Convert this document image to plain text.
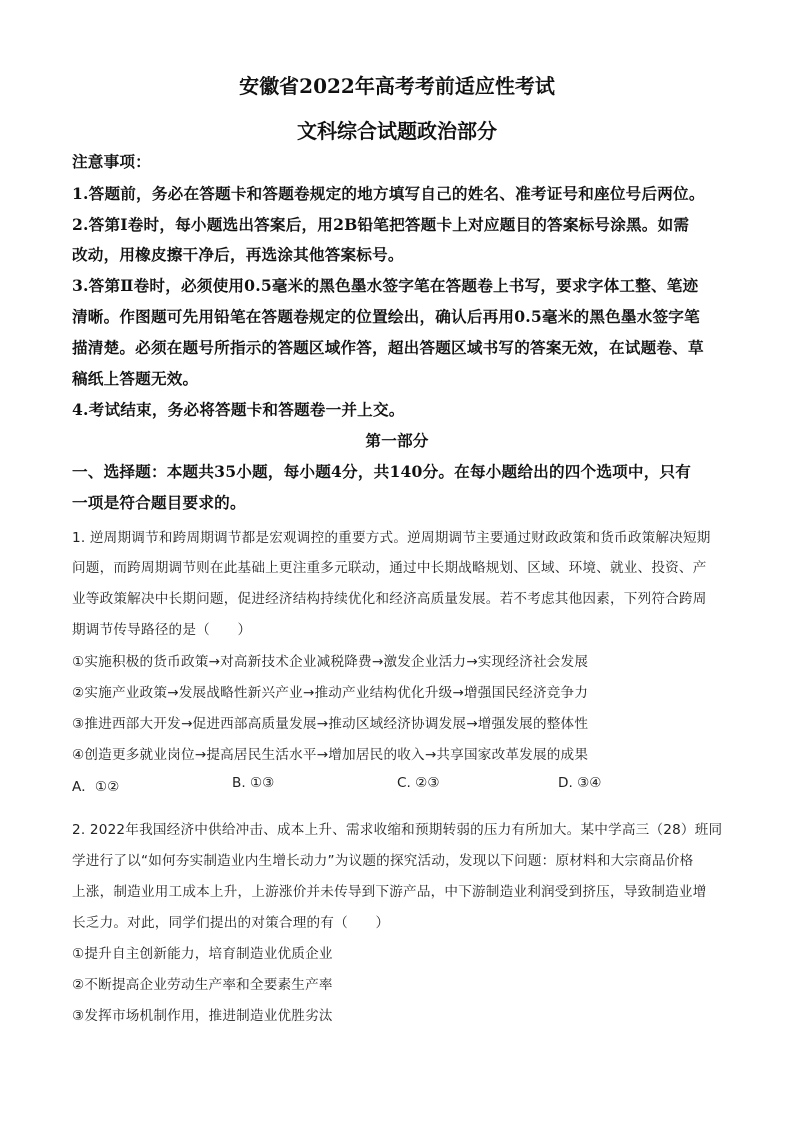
安徽省2022年高考考前适应性考试
文科综合试题政治部分
注意事项：
1.答题前，务必在答题卡和答题卷规定的地方填写自己的姓名、准考证号和座位号后两位。
2.答第Ⅰ卷时，每小题选出答案后，用2B铅笔把答题卡上对应题目的答案标号涂黑。如需
改动，用橡皮擦干净后，再选涂其他答案标号。
3.答第Ⅱ卷时，必须使用0.5毫米的黑色墨水签字笔在答题卷上书写，要求字体工整、笔迹
清晰。作图题可先用铅笔在答题卷规定的位置绘出，确认后再用0.5毫米的黑色墨水签字笔
描清楚。必须在题号所指示的答题区域作答，超出答题区域书写的答案无效，在试题卷、草
稿纸上答题无效。
4.考试结束，务必将答题卡和答题卷一并上交。
第一部分
一、选择题：本题共35小题，每小题4分，共140分。在每小题给出的四个选项中，只有
一项是符合题目要求的。
1. 逆周期调节和跨周期调节都是宏观调控的重要方式。逆周期调节主要通过财政政策和货币政策解决短期
问题，而跨周期调节则在此基础上更注重多元联动，通过中长期战略规划、区域、环境、就业、投资、产
业等政策解决中长期问题，促进经济结构持续优化和经济高质量发展。若不考虑其他因素，下列符合跨周
期调节传导路径的是（　　）
①实施积极的货币政策→对高新技术企业减税降费→激发企业活力→实现经济社会发展
②实施产业政策→发展战略性新兴产业→推动产业结构优化升级→增强国民经济竞争力
③推进西部大开发→促进西部高质量发展→推动区域经济协调发展→增强发展的整体性
④创造更多就业岗位→提高居民生活水平→增加居民的收入→共享国家改革发展的成果
A．①②	B. ①③	C. ②③	D. ③④
2. 2022年我国经济中供给冲击、成本上升、需求收缩和预期转弱的压力有所加大。某中学高三（28）班同
学进行了以“如何夯实制造业内生增长动力”为议题的探究活动，发现以下问题：原材料和大宗商品价格
上涨，制造业用工成本上升，上游涨价并未传导到下游产品，中下游制造业利润受到挤压，导致制造业增
长乏力。对此，同学们提出的对策合理的有（　　）
①提升自主创新能力，培育制造业优质企业
②不断提高企业劳动生产率和全要素生产率
③发挥市场机制作用，推进制造业优胜劣汰
